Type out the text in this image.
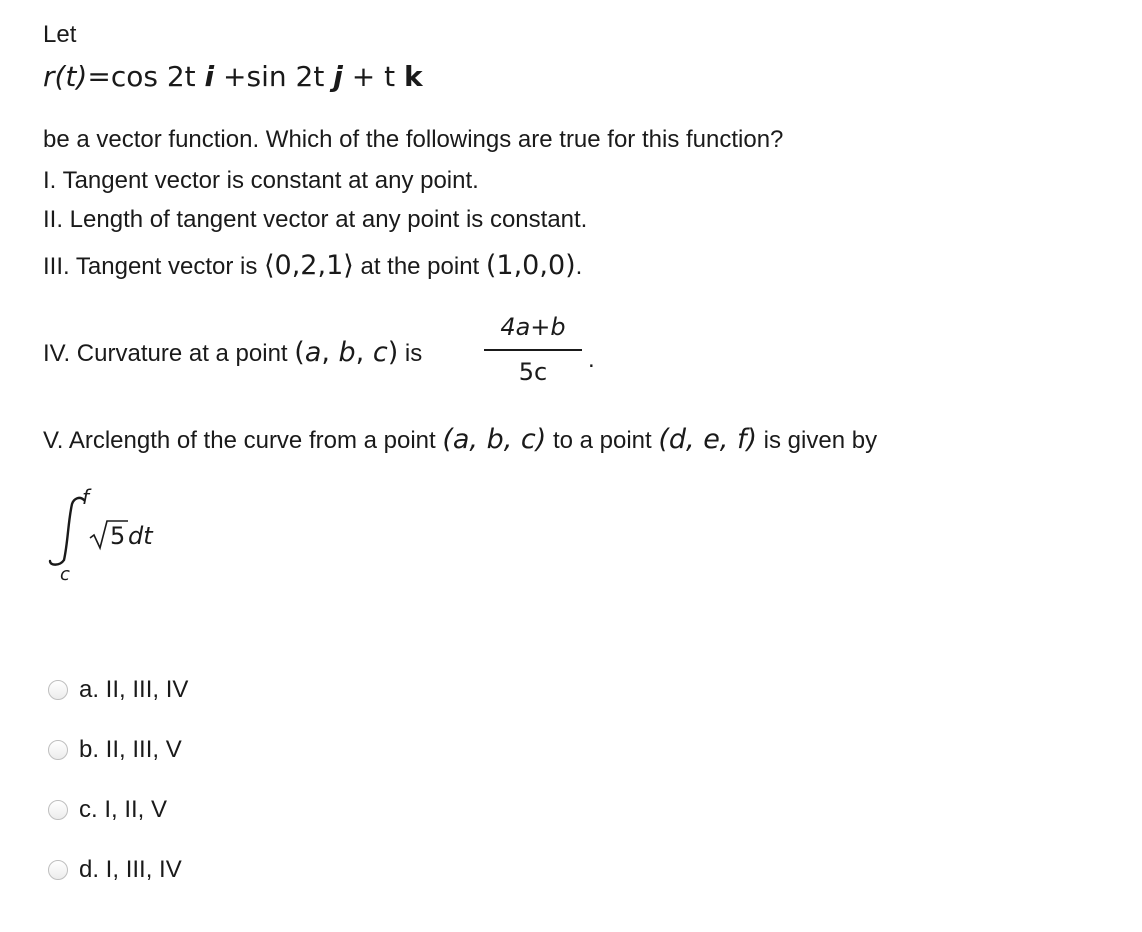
Let
r(t)=cos 2t i +sin 2t j + t k
be a vector function. Which of the followings are true for this function?
I. Tangent vector is constant at any point.
II. Length of tangent vector at any point is constant.
III. Tangent vector is ⟨0,2,1⟩ at the point (1,0,0).
IV. Curvature at a point (a, b, c) is
4a+b
5c	.
V. Arclength of the curve from a point (a, b, c) to a point (d, e, f) is given by
f
c
5 dt
a. II, III, IV
b. II, III, V
c. I, II, V
d. I, III, IV
